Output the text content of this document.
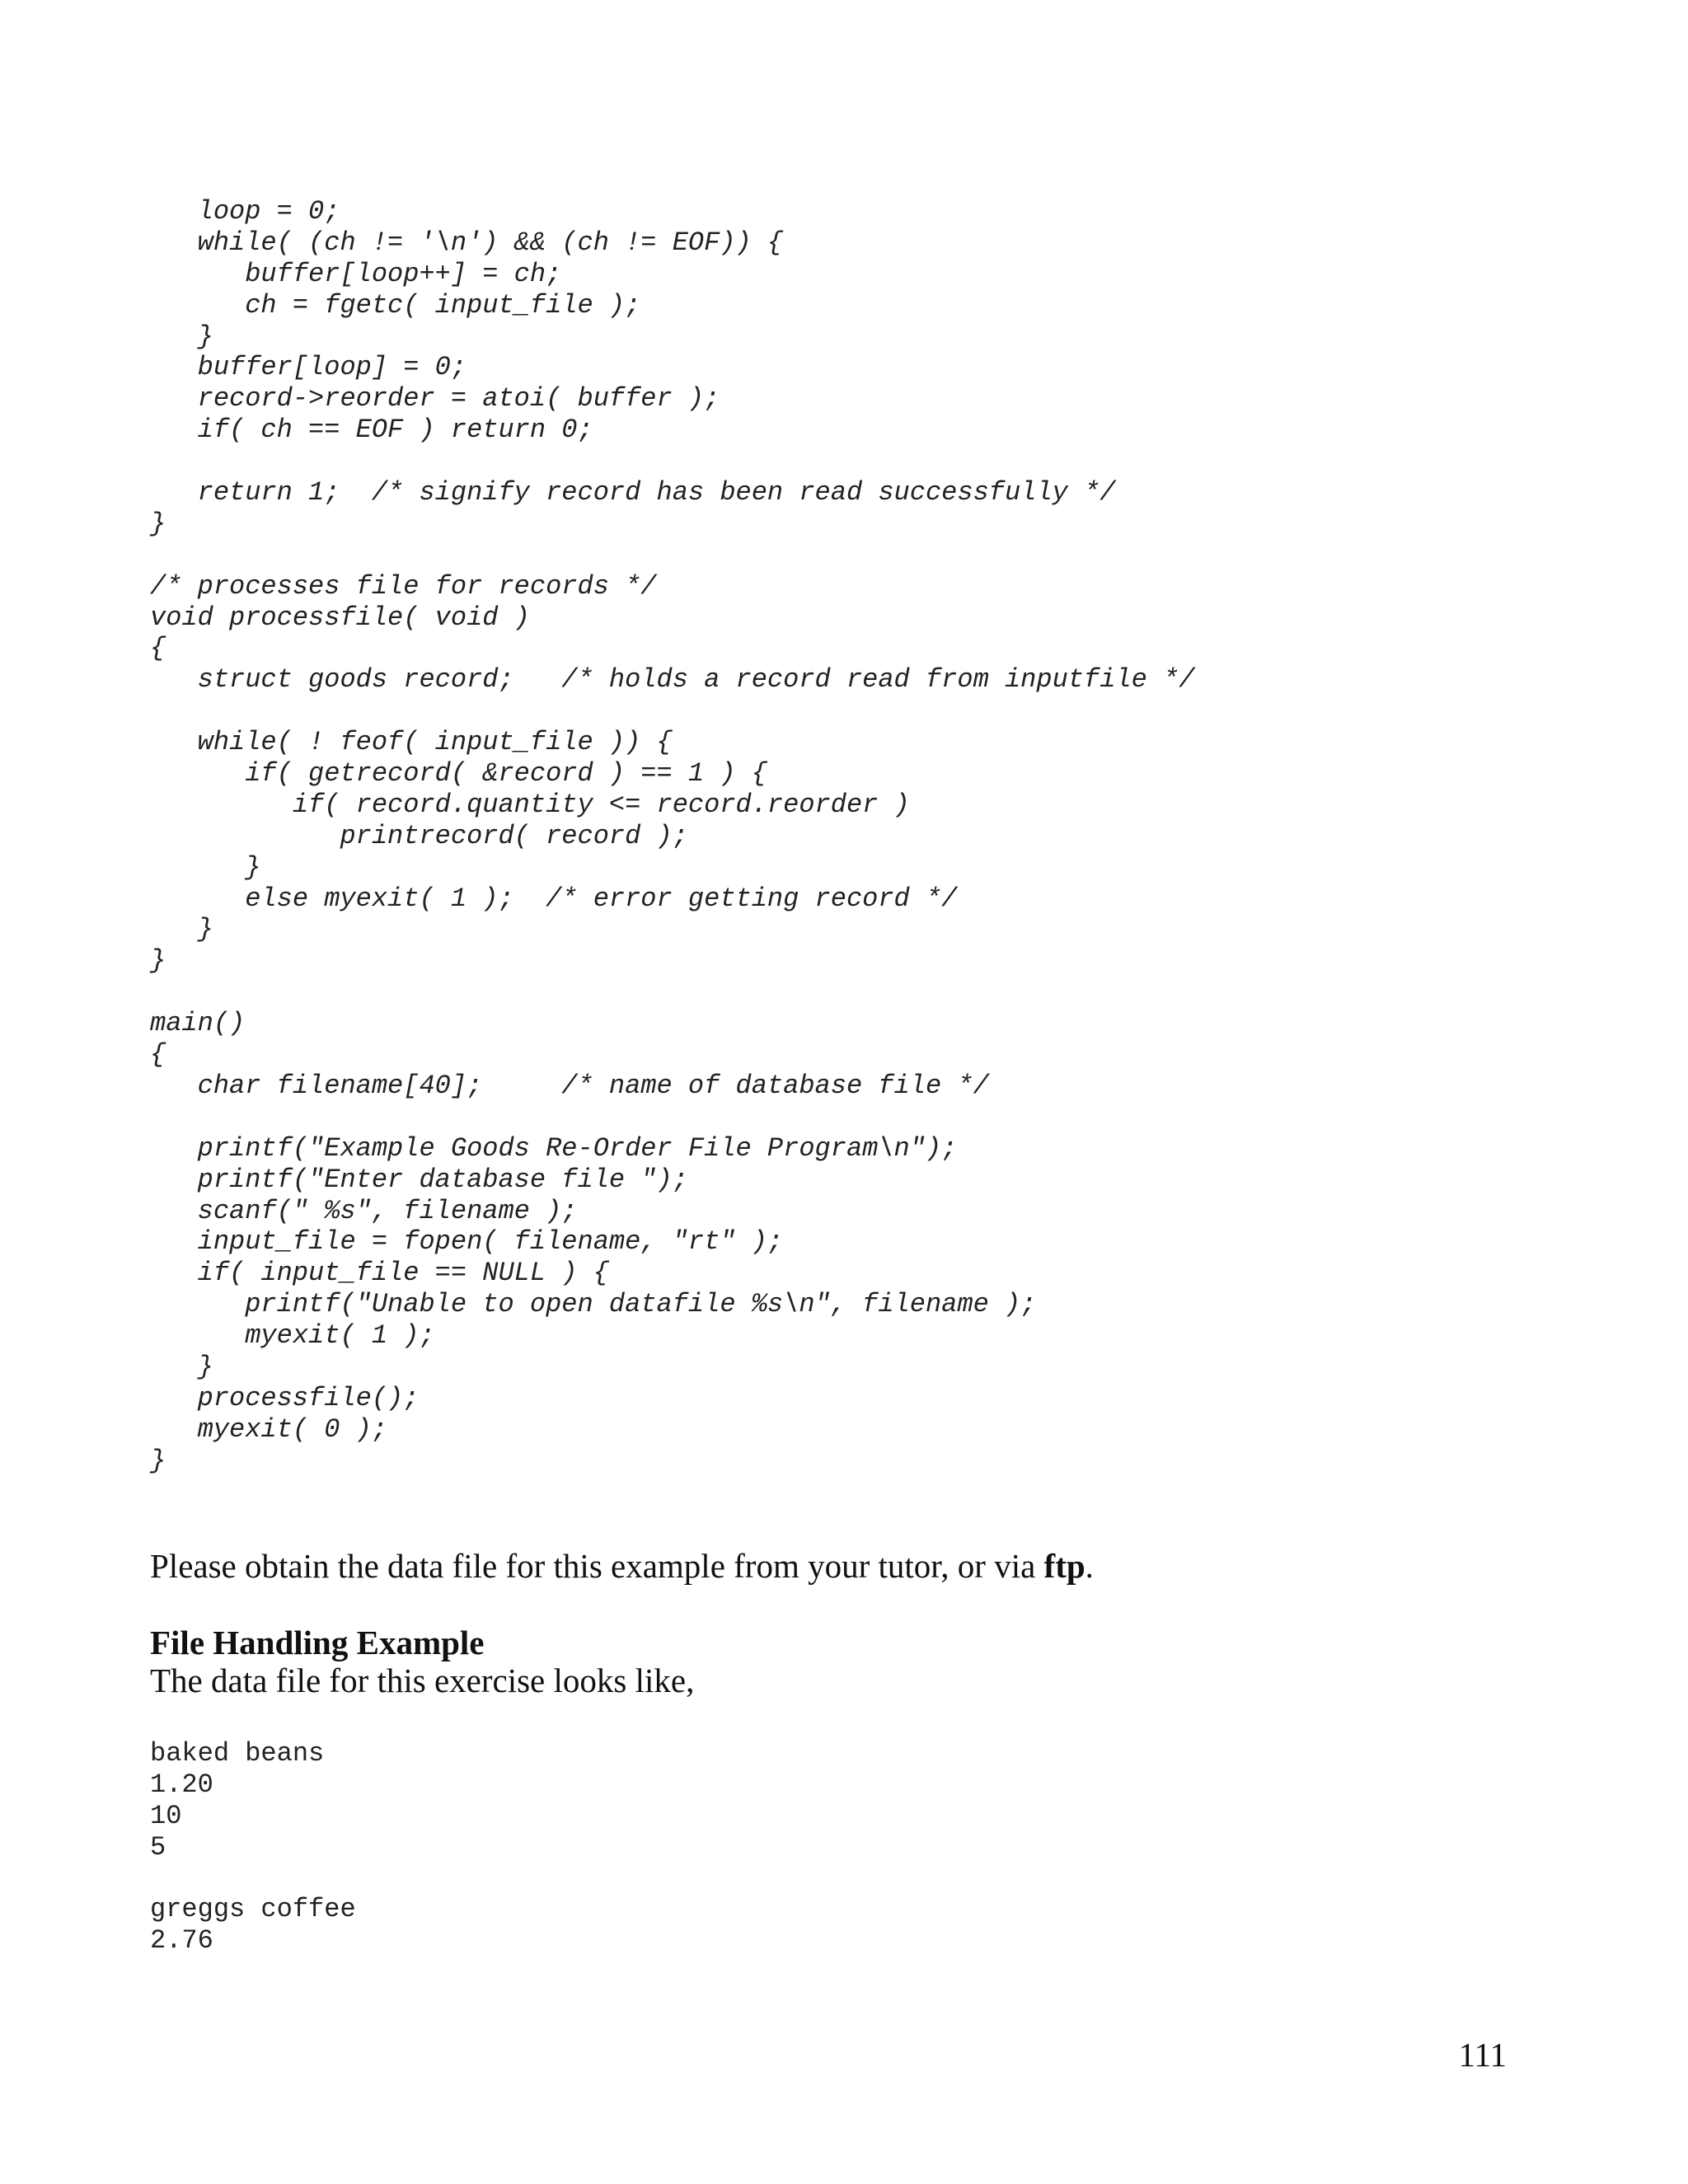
loop = 0;
while( (ch != '\n') && (ch != EOF)) {
buffer[loop++] = ch;
ch = fgetc( input_file );
}
buffer[loop] = 0;
record->reorder = atoi( buffer );
if( ch == EOF ) return 0;
return 1;  /* signify record has been read successfully */
}
/* processes file for records */
void processfile( void )
{
struct goods record;   /* holds a record read from inputfile */
while( ! feof( input_file )) {
if( getrecord( &record ) == 1 ) {
if( record.quantity <= record.reorder )
printrecord( record );
}
else myexit( 1 );  /* error getting record */
}
}
main()
{
char filename[40];     /* name of database file */
printf("Example Goods Re-Order File Program\n");
printf("Enter database file ");
scanf(" %s", filename );
input_file = fopen( filename, "rt" );
if( input_file == NULL ) {
printf("Unable to open datafile %s\n", filename );
myexit( 1 );
}
processfile();
myexit( 0 );
}

Please obtain the data file for this example from your tutor, or via ftp.

File Handling Example

The data file for this exercise looks like,

baked beans
1.20
10
5
greggs coffee
2.76
111
